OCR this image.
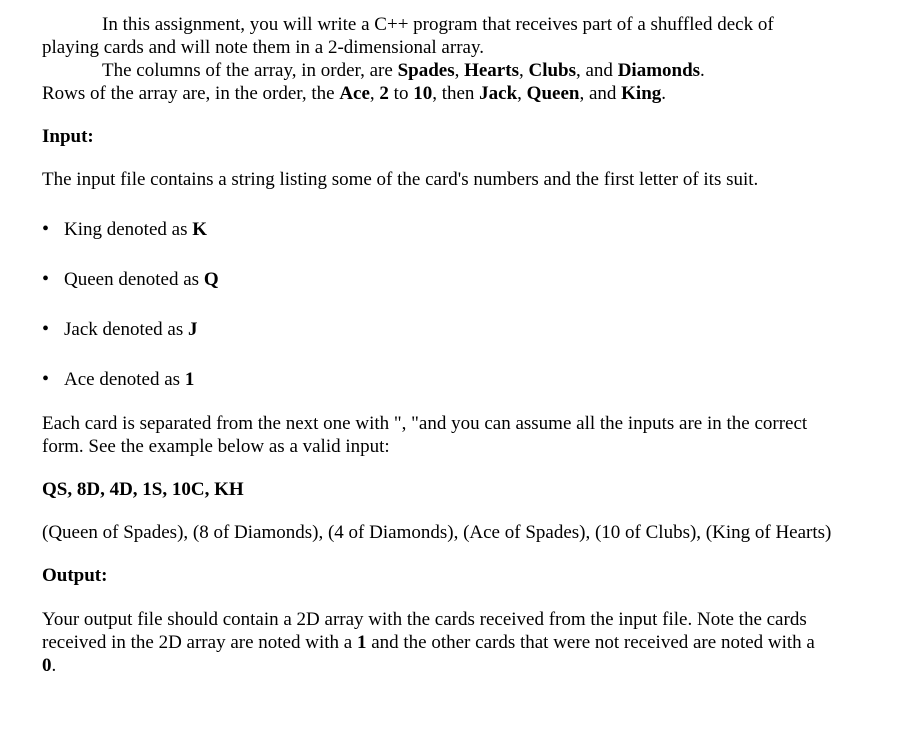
In this assignment, you will write a C++ program that receives part of a shuffled deck of playing cards and will note them in a 2-dimensional array.

The columns of the array, in order, are Spades, Hearts, Clubs, and Diamonds.

Rows of the array are, in the order, the Ace, 2 to 10, then Jack, Queen, and King.

Input:

The input file contains a string listing some of the card's numbers and the first letter of its suit.

• King denoted as K
• Queen denoted as Q
• Jack denoted as J
• Ace denoted as 1

Each card is separated from the next one with ", "and you can assume all the inputs are in the correct form. See the example below as a valid input:

QS, 8D, 4D, 1S, 10C, KH

(Queen of Spades), (8 of Diamonds), (4 of Diamonds), (Ace of Spades), (10 of Clubs), (King of Hearts)

Output:

Your output file should contain a 2D array with the cards received from the input file. Note the cards received in the 2D array are noted with a 1 and the other cards that were not received are noted with a 0.
